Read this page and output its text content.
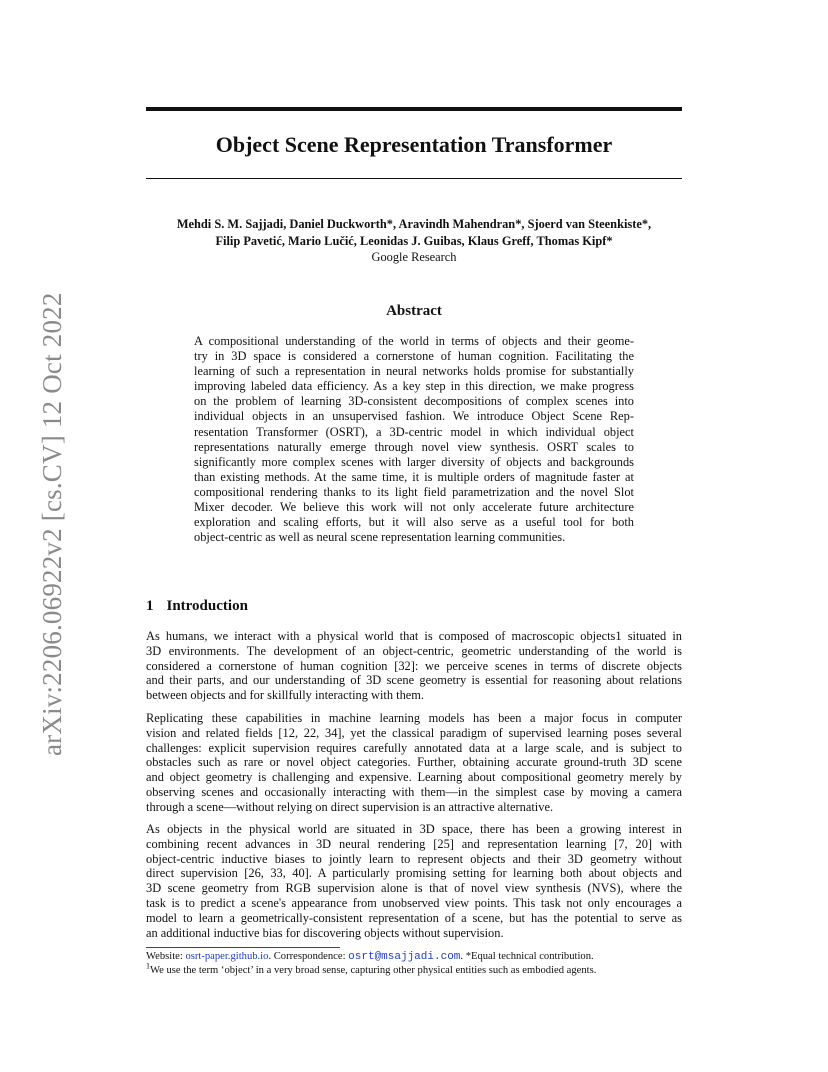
arXiv:2206.06922v2 [cs.CV] 12 Oct 2022
Object Scene Representation Transformer
Mehdi S. M. Sajjadi, Daniel Duckworth*, Aravindh Mahendran*, Sjoerd van Steenkiste*,
Filip Pavetić, Mario Lučić, Leonidas J. Guibas, Klaus Greff, Thomas Kipf*
Google Research
Abstract
A compositional understanding of the world in terms of objects and their geome-
try in 3D space is considered a cornerstone of human cognition. Facilitating the
learning of such a representation in neural networks holds promise for substantially
improving labeled data efficiency. As a key step in this direction, we make progress
on the problem of learning 3D-consistent decompositions of complex scenes into
individual objects in an unsupervised fashion. We introduce Object Scene Rep-
resentation Transformer (OSRT), a 3D-centric model in which individual object
representations naturally emerge through novel view synthesis. OSRT scales to
significantly more complex scenes with larger diversity of objects and backgrounds
than existing methods. At the same time, it is multiple orders of magnitude faster at
compositional rendering thanks to its light field parametrization and the novel Slot
Mixer decoder. We believe this work will not only accelerate future architecture
exploration and scaling efforts, but it will also serve as a useful tool for both
object-centric as well as neural scene representation learning communities.
1 Introduction
As humans, we interact with a physical world that is composed of macroscopic objects1 situated in
3D environments. The development of an object-centric, geometric understanding of the world is
considered a cornerstone of human cognition [32]: we perceive scenes in terms of discrete objects
and their parts, and our understanding of 3D scene geometry is essential for reasoning about relations
between objects and for skillfully interacting with them.
Replicating these capabilities in machine learning models has been a major focus in computer
vision and related fields [12, 22, 34], yet the classical paradigm of supervised learning poses several
challenges: explicit supervision requires carefully annotated data at a large scale, and is subject to
obstacles such as rare or novel object categories. Further, obtaining accurate ground-truth 3D scene
and object geometry is challenging and expensive. Learning about compositional geometry merely by
observing scenes and occasionally interacting with them—in the simplest case by moving a camera
through a scene—without relying on direct supervision is an attractive alternative.
As objects in the physical world are situated in 3D space, there has been a growing interest in
combining recent advances in 3D neural rendering [25] and representation learning [7, 20] with
object-centric inductive biases to jointly learn to represent objects and their 3D geometry without
direct supervision [26, 33, 40]. A particularly promising setting for learning both about objects and
3D scene geometry from RGB supervision alone is that of novel view synthesis (NVS), where the
task is to predict a scene's appearance from unobserved view points. This task not only encourages a
model to learn a geometrically-consistent representation of a scene, but has the potential to serve as
an additional inductive bias for discovering objects without supervision.
Website: osrt-paper.github.io. Correspondence: osrt@msajjadi.com. *Equal technical contribution.
$^1$We use the term ‘object’ in a very broad sense, capturing other physical entities such as embodied agents.
